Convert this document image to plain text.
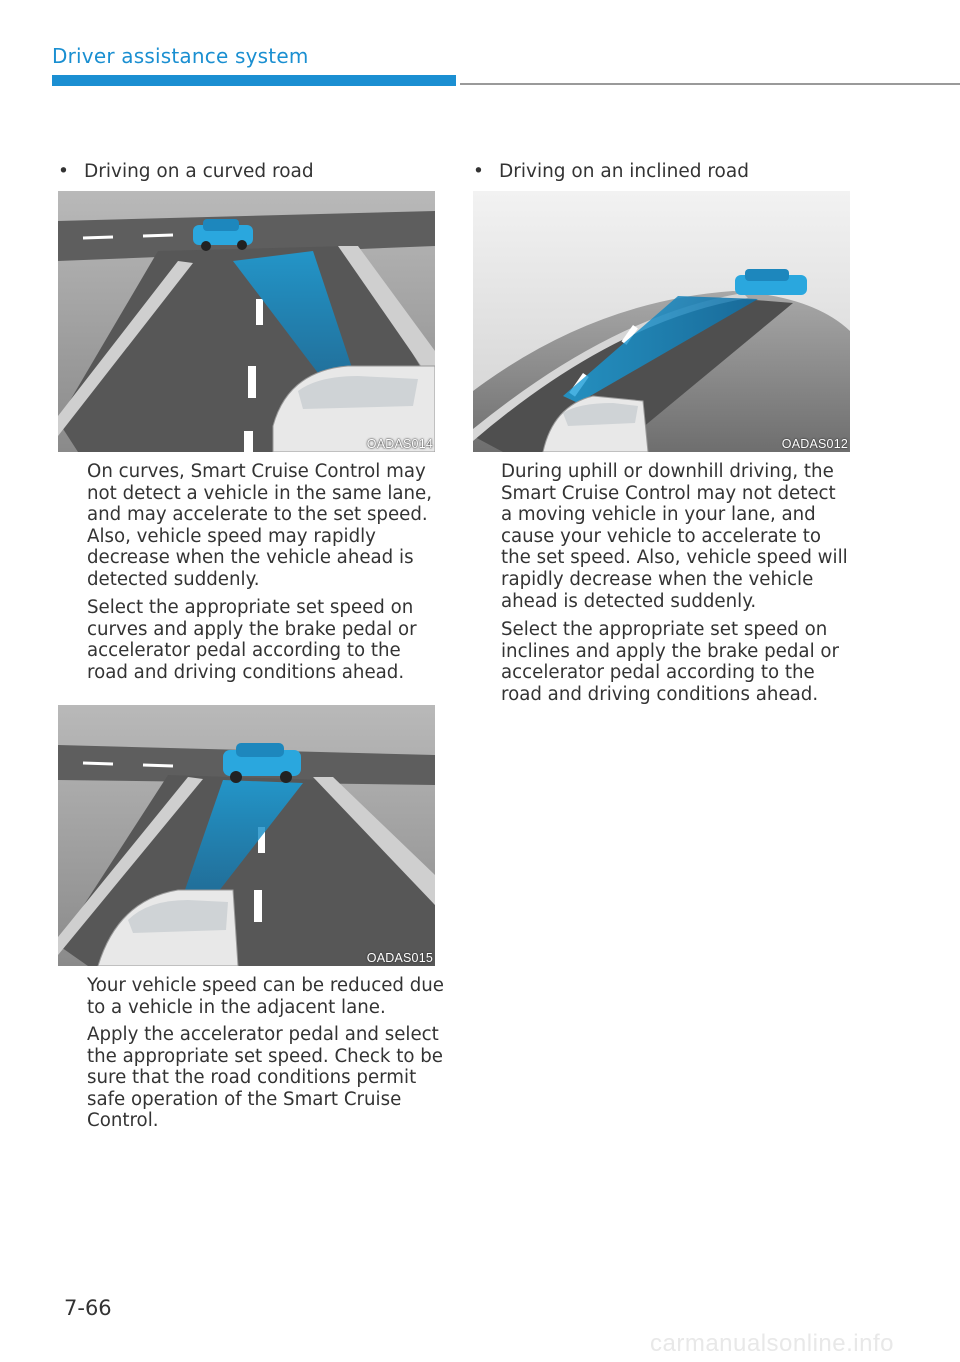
Driver assistance system
• Driving on a curved road
OADAS014

On curves, Smart Cruise Control may not detect a vehicle in the same lane, and may accelerate to the set speed. Also, vehicle speed may rapidly decrease when the vehicle ahead is detected suddenly.

Select the appropriate set speed on curves and apply the brake pedal or accelerator pedal according to the road and driving conditions ahead.

OADAS015

Your vehicle speed can be reduced due to a vehicle in the adjacent lane.

Apply the accelerator pedal and select the appropriate set speed. Check to be sure that the road conditions permit safe operation of the Smart Cruise Control.

• Driving on an inclined road
OADAS012

During uphill or downhill driving, the Smart Cruise Control may not detect a moving vehicle in your lane, and cause your vehicle to accelerate to the set speed. Also, vehicle speed will rapidly decrease when the vehicle ahead is detected suddenly.

Select the appropriate set speed on inclines and apply the brake pedal or accelerator pedal according to the road and driving conditions ahead.

7-66
carmanualsonline.info
